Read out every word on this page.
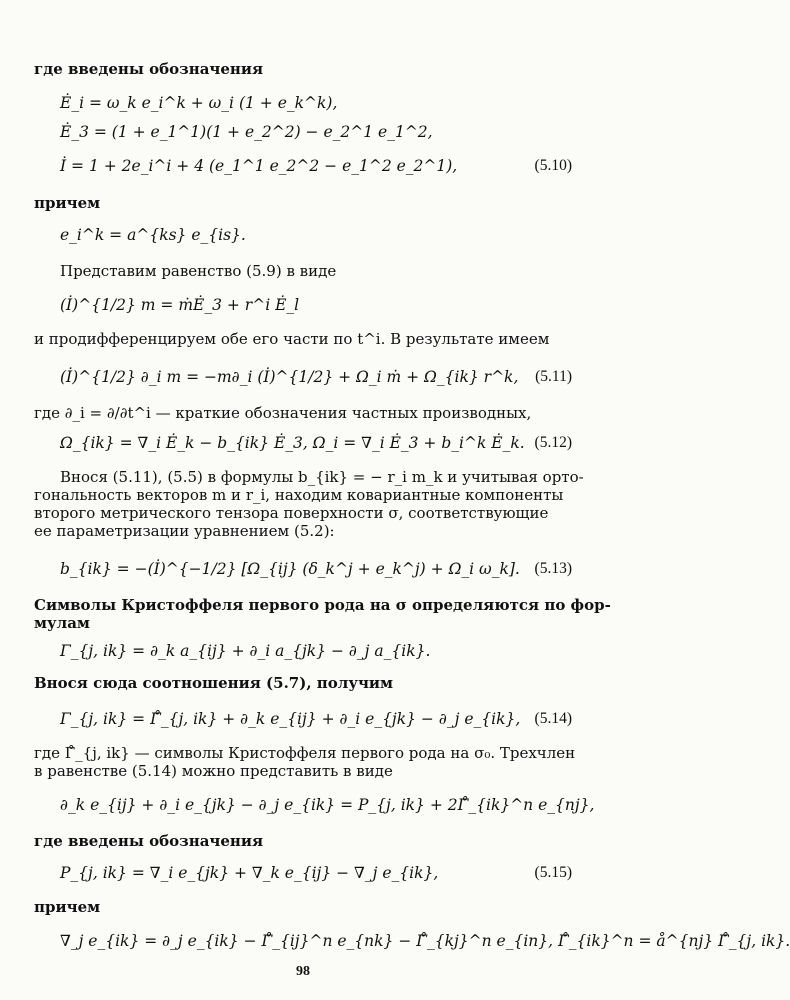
где введены обозначения
Ė_i = ω_k e_i^k + ω_i (1 + e_k^k),
Ė_3 = (1 + e_1^1)(1 + e_2^2) − e_2^1 e_1^2,
İ = 1 + 2e_i^i + 4 (e_1^1 e_2^2 − e_1^2 e_2^1),	(5.10)
причем
e_i^k = a^{ks} e_{is}.
Представим равенство (5.9) в виде
(İ)^{1/2} m = ṁĖ_3 + r^i Ė_l
и продифференцируем обе его части по t^i. В результате имеем
(İ)^{1/2} ∂_i m = −m∂_i (İ)^{1/2} + Ω_i ṁ + Ω_{ik} r^k, (5.11)
где ∂_i = ∂/∂t^i — краткие обозначения частных производных,
Ω_{ik} = ∇_i Ė_k − b_{ik} Ė_3, Ω_i = ∇_i Ė_3 + b_i^k Ė_k. (5.12)
Внося (5.11), (5.5) в формулы b_{ik} = − r_i m_k и учитывая орто-
гональность векторов m и r_i, находим ковариантные компоненты
второго метрического тензора поверхности σ, соответствующие
ее параметризации уравнением (5.2):
b_{ik} = −(İ)^{−1/2} [Ω_{ij} (δ_k^j + e_k^j) + Ω_i ω_k]. (5.13)
Символы Кристоффеля первого рода на σ определяются по фор-
мулам
Γ_{j, ik} = ∂_k a_{ij} + ∂_i a_{jk} − ∂_j a_{ik}.
Внося сюда соотношения (5.7), получим
Γ_{j, ik} = Γ̊_{j, ik} + ∂_k e_{ij} + ∂_i e_{jk} − ∂_j e_{ik}, (5.14)
где Γ̊_{j, ik} — символы Кристоффеля первого рода на σ₀. Трехчлен
в равенстве (5.14) можно представить в виде
∂_k e_{ij} + ∂_i e_{jk} − ∂_j e_{ik} = P_{j, ik} + 2Γ̊_{ik}^n e_{nj},
где введены обозначения
P_{j, ik} = ∇_i e_{jk} + ∇_k e_{ij} − ∇_j e_{ik},	(5.15)
причем
∇_j e_{ik} = ∂_j e_{ik} − Γ̊_{ij}^n e_{nk} − Γ̊_{kj}^n e_{in}, Γ̊_{ik}^n = å^{nj} Γ̊_{j, ik}.
98
